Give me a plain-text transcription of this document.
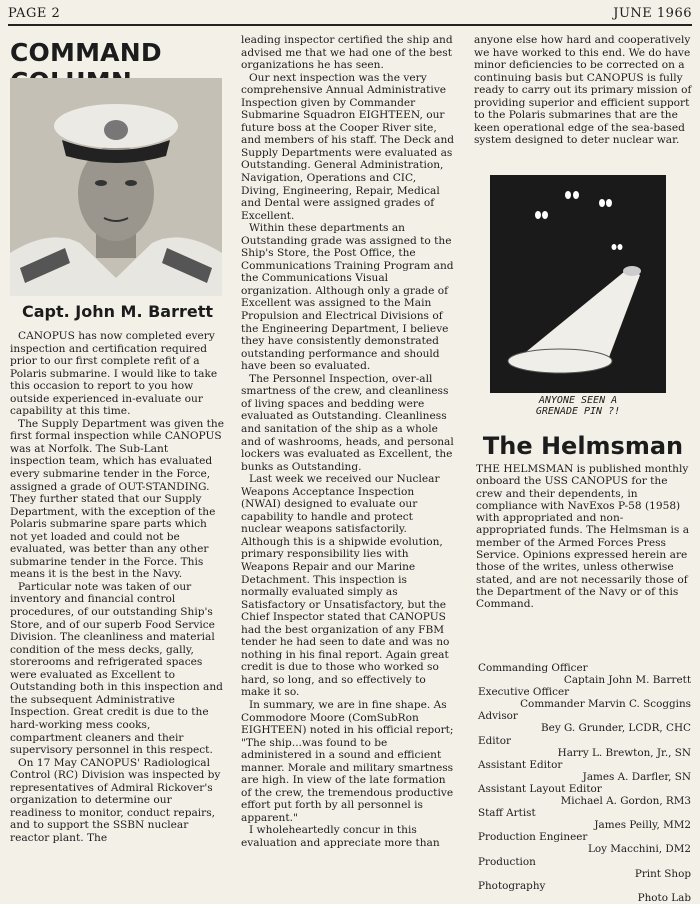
PAGE 2	JUNE 1966
COMMAND
Capt. John M. Barrett

CANOPUS has now completed every inspection and certification required prior to our first complete refit of a Polaris submarine. I would like to take this occasion to report to you how outside experienced in-evaluate our capability at this time.

The Supply Department was given the first formal inspection while CANOPUS was at Norfolk. The Sub-Lant inspection team, which has evaluated every submarine tender in the Force, assigned a grade of OUT-STANDING. They further stated that our Supply Department, with the exception of the Polaris submarine spare parts which not yet loaded and could not be evaluated, was better than any other submarine tender in the Force. This means it is the best in the Navy.

Particular note was taken of our inventory and financial control procedures, of our outstanding Ship's Store, and of our superb Food Service Division. The cleanliness and material condition of the mess decks, gally, storerooms and refrigerated spaces were evaluated as Excellent to Outstanding both in this inspection and the subsequent Administrative Inspection. Great credit is due to the hard-working mess cooks, compartment cleaners and their supervisory personnel in this respect.

On 17 May CANOPUS' Radiological Control (RC) Division was inspected by representatives of Admiral Rickover's organization to determine our readiness to monitor, conduct repairs, and to support the SSBN nuclear reactor plant. The

leading inspector certified the ship and advised me that we had one of the best organizations he has seen.

Our next inspection was the very comprehensive Annual Administrative Inspection given by Commander Submarine Squadron EIGHTEEN, our future boss at the Cooper River site, and members of his staff. The Deck and Supply Departments were evaluated as Outstanding. General Administration, Navigation, Operations and CIC, Diving, Engineering, Repair, Medical and Dental were assigned grades of Excellent.

Within these departments an Outstanding grade was assigned to the Ship's Store, the Post Office, the Communications Training Program and the Communications Visual organization. Although only a grade of Excellent was assigned to the Main Propulsion and Electrical Divisions of the Engineering Department, I believe they have consistently demonstrated outstanding performance and should have been so evaluated.

The Personnel Inspection, over-all smartness of the crew, and cleanliness of living spaces and bedding were evaluated as Outstanding. Cleanliness and sanitation of the ship as a whole and of washrooms, heads, and personal lockers was evaluated as Excellent, the bunks as Outstanding.

Last week we received our Nuclear Weapons Acceptance Inspection (NWAI) designed to evaluate our capability to handle and protect nuclear weapons satisfactorily. Although this is a shipwide evolution, primary responsibility lies with Weapons Repair and our Marine Detachment. This inspection is normally evaluated simply as Satisfactory or Unsatisfactory, but the Chief Inspector stated that CANOPUS had the best organization of any FBM tender he had seen to date and was no nothing in his final report. Again great credit is due to those who worked so hard, so long, and so effectively to make it so.

In summary, we are in fine shape. As Commodore Moore (ComSubRon EIGHTEEN) noted in his official report; "The ship...was found to be administered in a sound and efficient manner. Morale and military smartness are high. In view of the late formation of the crew, the tremendous productive effort put forth by all personnel is apparent."

I wholeheartedly concur in this evaluation and appreciate more than

anyone else how hard and cooperatively we have worked to this end. We do have minor deficiencies to be corrected on a continuing basis but CANOPUS is fully ready to carry out its primary mission of providing superior and efficient support to the Polaris submarines that are the keen operational edge of the sea-based system designed to deter nuclear war.

ANYONE SEEN A
GRENADE PIN ?!
The Helmsman
THE HELMSMAN is published monthly onboard the USS CANOPUS for the crew and their dependents, in compliance with NavExos P-58 (1958) with appropriated and non-appropriated funds. The Helmsman is a member of the Armed Forces Press Service. Opinions expressed herein are those of the writes, unless otherwise stated, and are not necessarily those of the Department of the Navy or of this Command.
Commanding Officer
Captain John M. Barrett
Executive Officer
Commander Marvin C. Scoggins
Advisor
Bey G. Grunder, LCDR, CHC
Editor
Harry L. Brewton, Jr., SN
Assistant Editor
James A. Darfler, SN
Assistant Layout Editor
Michael A. Gordon, RM3
Staff Artist
James Peilly, MM2
Production Engineer
Loy Macchini, DM2
Production
Print Shop
Photography
Photo Lab
